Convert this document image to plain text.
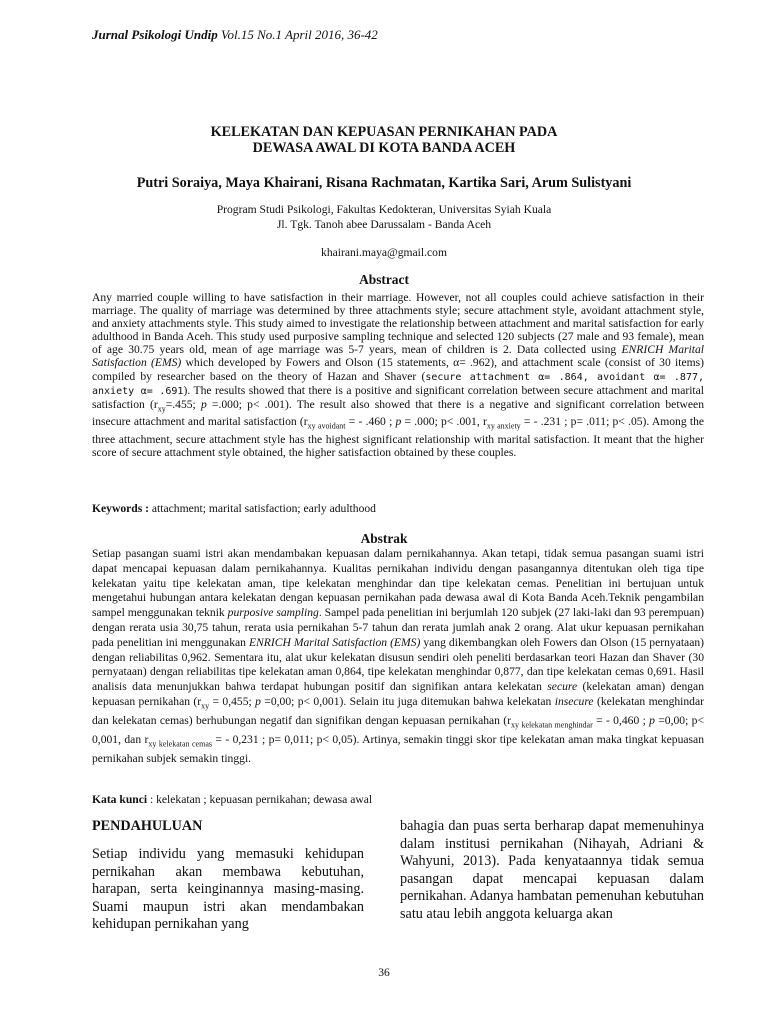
Jurnal Psikologi Undip Vol.15 No.1 April 2016, 36-42
KELEKATAN DAN KEPUASAN PERNIKAHAN PADA
DEWASA AWAL DI KOTA BANDA ACEH
Putri Soraiya, Maya Khairani, Risana Rachmatan, Kartika Sari, Arum Sulistyani
Program Studi Psikologi, Fakultas Kedokteran, Universitas Syiah Kuala
Jl. Tgk. Tanoh abee Darussalam - Banda Aceh
khairani.maya@gmail.com
Abstract

Any married couple willing to have satisfaction in their marriage. However, not all couples could achieve satisfaction in their marriage. The quality of marriage was determined by three attachments style; secure attachment style, avoidant attachment style, and anxiety attachments style. This study aimed to investigate the relationship between attachment and marital satisfaction for early adulthood in Banda Aceh. This study used purposive sampling technique and selected 120 subjects (27 male and 93 female), mean of age 30.75 years old, mean of age marriage was 5-7 years, mean of children is 2. Data collected using ENRICH Marital Satisfaction (EMS) which developed by Fowers and Olson (15 statements, α= .962), and attachment scale (consist of 30 items) compiled by researcher based on the theory of Hazan and Shaver (secure attachment α= .864, avoidant α= .877, anxiety α= .691). The results showed that there is a positive and significant correlation between secure attachment and marital satisfaction ($r_{xy}=.455$; p =.000; p< .001). The result also showed that there is a negative and significant correlation between insecure attachment and marital satisfaction ($r_{xy avoidant}$ = - .460 ; p = .000; p< .001, $r_{xy anxiety}$ = - .231 ; p= .011; p< .05). Among the three attachment, secure attachment style has the highest significant relationship with marital satisfaction. It meant that the higher score of secure attachment style obtained, the higher satisfaction obtained by these couples.

Keywords : attachment; marital satisfaction; early adulthood
Abstrak

Setiap pasangan suami istri akan mendambakan kepuasan dalam pernikahannya. Akan tetapi, tidak semua pasangan suami istri dapat mencapai kepuasan dalam pernikahannya. Kualitas pernikahan individu dengan pasangannya ditentukan oleh tiga tipe kelekatan yaitu tipe kelekatan aman, tipe kelekatan menghindar dan tipe kelekatan cemas. Penelitian ini bertujuan untuk mengetahui hubungan antara kelekatan dengan kepuasan pernikahan pada dewasa awal di Kota Banda Aceh.Teknik pengambilan sampel menggunakan teknik purposive sampling. Sampel pada penelitian ini berjumlah 120 subjek (27 laki-laki dan 93 perempuan) dengan rerata usia 30,75 tahun, rerata usia pernikahan 5-7 tahun dan rerata jumlah anak 2 orang. Alat ukur kepuasan pernikahan pada penelitian ini menggunakan ENRICH Marital Satisfaction (EMS) yang dikembangkan oleh Fowers dan Olson (15 pernyataan) dengan reliabilitas 0,962. Sementara itu, alat ukur kelekatan disusun sendiri oleh peneliti berdasarkan teori Hazan dan Shaver (30 pernyataan) dengan reliabilitas tipe kelekatan aman 0,864, tipe kelekatan menghindar 0,877, dan tipe kelekatan cemas 0,691. Hasil analisis data menunjukkan bahwa terdapat hubungan positif dan signifikan antara kelekatan secure (kelekatan aman) dengan kepuasan pernikahan ($r_{xy} = 0,455$; p =0,00; p< 0,001). Selain itu juga ditemukan bahwa kelekatan insecure (kelekatan menghindar dan kelekatan cemas) berhubungan negatif dan signifikan dengan kepuasan pernikahan ($r_{xy kelekatan menghindar}$ = - 0,460 ; p =0,00; p< 0,001, dan $r_{xy kelekatan cemas}$ = - 0,231 ; p= 0,011; p< 0,05). Artinya, semakin tinggi skor tipe kelekatan aman maka tingkat kepuasan pernikahan subjek semakin tinggi.

Kata kunci : kelekatan ; kepuasan pernikahan; dewasa awal

PENDAHULUAN

Setiap individu yang memasuki kehidupan pernikahan akan membawa kebutuhan, harapan, serta keinginannya masing-masing. Suami maupun istri akan mendambakan kehidupan pernikahan yang

bahagia dan puas serta berharap dapat memenuhinya dalam institusi pernikahan (Nihayah, Adriani & Wahyuni, 2013). Pada kenyataannya tidak semua pasangan dapat mencapai kepuasan dalam pernikahan. Adanya hambatan pemenuhan kebutuhan satu atau lebih anggota keluarga akan

36
